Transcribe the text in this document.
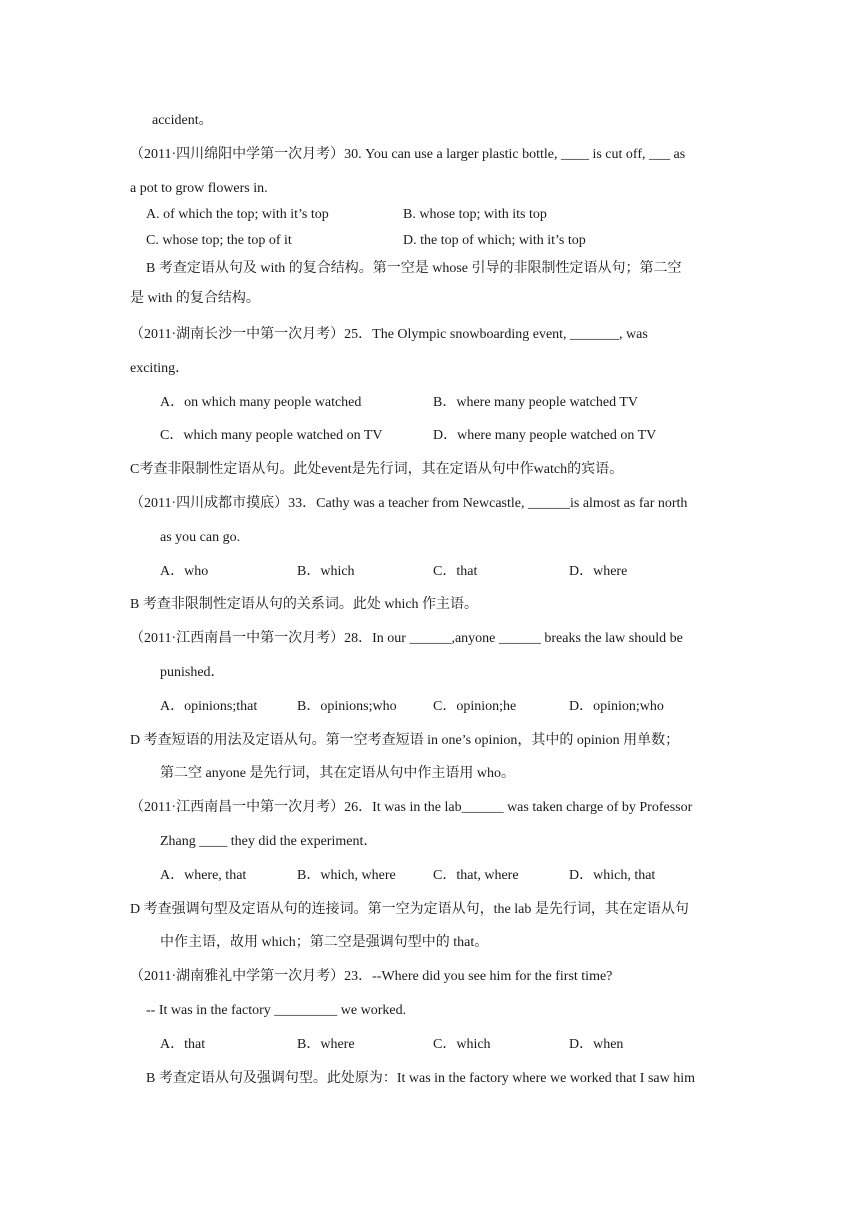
accident。
（2011·四川绵阳中学第一次月考）30. You can use a larger plastic bottle, ____ is cut off, ___ as
a pot to grow flowers in.
A. of which the top; with it’s top	B. whose top; with its top
C. whose top; the top of it	D. the top of which; with it’s top
B 考查定语从句及 with 的复合结构。第一空是 whose 引导的非限制性定语从句；第二空
是 with 的复合结构。
（2011·湖南长沙一中第一次月考）25．The Olympic snowboarding event, _______, was
exciting．
A．on which many people watched	B．where many people watched TV
C．which many people watched on TV	D．where many people watched on TV
C考查非限制性定语从句。此处event是先行词，其在定语从句中作watch的宾语。
（2011·四川成都市摸底）33．Cathy was a teacher from Newcastle, ______is almost as far north
as you can go.
A．who	B．which	C．that	D．where
B 考查非限制性定语从句的关系词。此处 which 作主语。
（2011·江西南昌一中第一次月考）28．In our ______,anyone ______ breaks the law should be
punished．
A．opinions;that	B．opinions;who	C．opinion;he	D．opinion;who
D 考查短语的用法及定语从句。第一空考查短语 in one’s opinion，其中的 opinion 用单数；
第二空 anyone 是先行词，其在定语从句中作主语用 who。
（2011·江西南昌一中第一次月考）26．It was in the lab______ was taken charge of by Professor
Zhang ____ they did the experiment．
A．where, that	B．which, where	C．that, where	D．which, that
D 考查强调句型及定语从句的连接词。第一空为定语从句，the lab 是先行词，其在定语从句
中作主语，故用 which；第二空是强调句型中的 that。
（2011·湖南雅礼中学第一次月考）23．--Where did you see him for the first time?
-- It was in the factory _________ we worked.
A．that	B．where	C．which	D．when
B 考查定语从句及强调句型。此处原为：It was in the factory where we worked that I saw him
